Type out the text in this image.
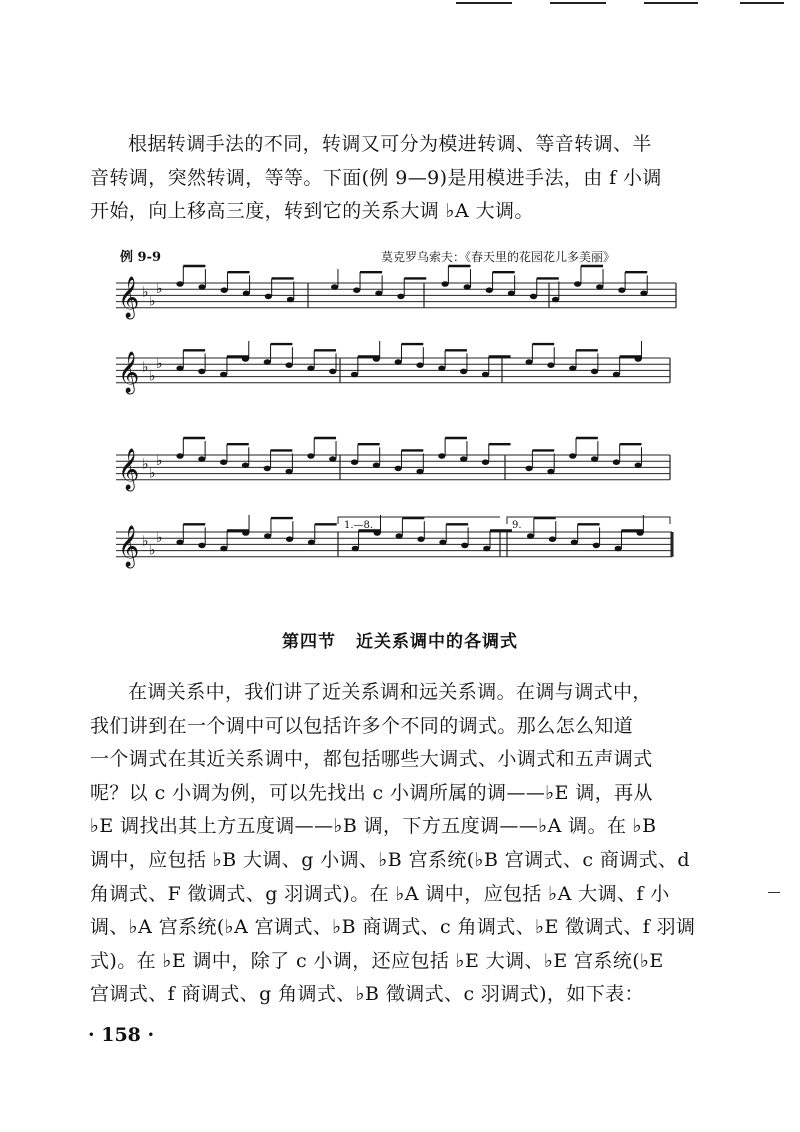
根据转调手法的不同，转调又可分为模进转调、等音转调、半
音转调，突然转调，等等。下面(例 9—9)是用模进手法，由 f 小调
开始，向上移高三度，转到它的关系大调 ♭A 大调。
例 9-9	莫克罗乌索夫：《春天里的花园花儿多美丽》
𝄞 ♭
♭
♭
𝄞 ♭
♭
♭
𝄞 ♭
♭
♭
𝄞 ♭
♭
♭
1.—8.	9.
第四节 近关系调中的各调式
在调关系中，我们讲了近关系调和远关系调。在调与调式中，
我们讲到在一个调中可以包括许多个不同的调式。那么怎么知道
一个调式在其近关系调中，都包括哪些大调式、小调式和五声调式
呢？以 c 小调为例，可以先找出 c 小调所属的调——♭E 调，再从
♭E 调找出其上方五度调——♭B 调，下方五度调——♭A 调。在 ♭B
调中，应包括 ♭B 大调、g 小调、♭B 宫系统(♭B 宫调式、c 商调式、d
角调式、F 徵调式、g 羽调式)。在 ♭A 调中，应包括 ♭A 大调、f 小
调、♭A 宫系统(♭A 宫调式、♭B 商调式、c 角调式、♭E 徵调式、f 羽调
式)。在 ♭E 调中，除了 c 小调，还应包括 ♭E 大调、♭E 宫系统(♭E
宫调式、f 商调式、g 角调式、♭B 徵调式、c 羽调式)，如下表：
· 158 ·
